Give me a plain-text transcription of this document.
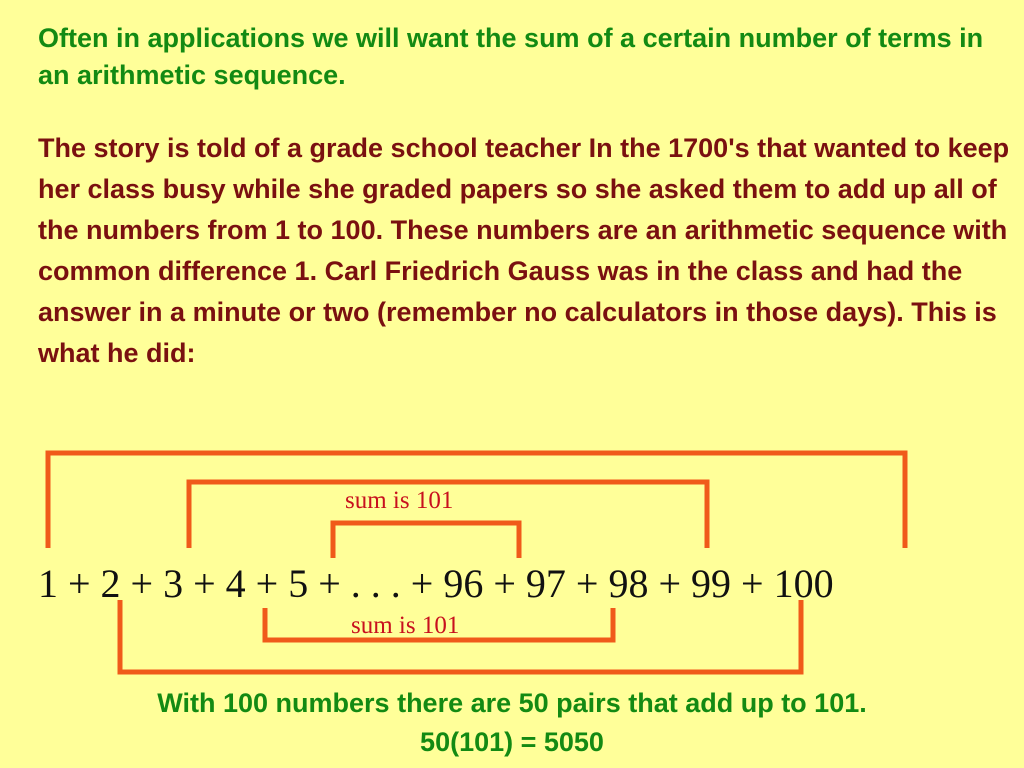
Often in applications we will want the sum of a certain number of terms in an arithmetic sequence.

The story is told of a grade school teacher In the 1700's that wanted to keep her class busy while she graded papers so she asked them to add up all of the numbers from 1 to 100. These numbers are an arithmetic sequence with common difference 1. Carl Friedrich Gauss was in the class and had the answer in a minute or two (remember no calculators in those days). This is what he did:

sum is 101
1 + 2 + 3 + 4 + 5 + . . . + 96 + 97 + 98 + 99 + 100
sum is 101
With 100 numbers there are 50 pairs that add up to 101.
50(101) = 5050
